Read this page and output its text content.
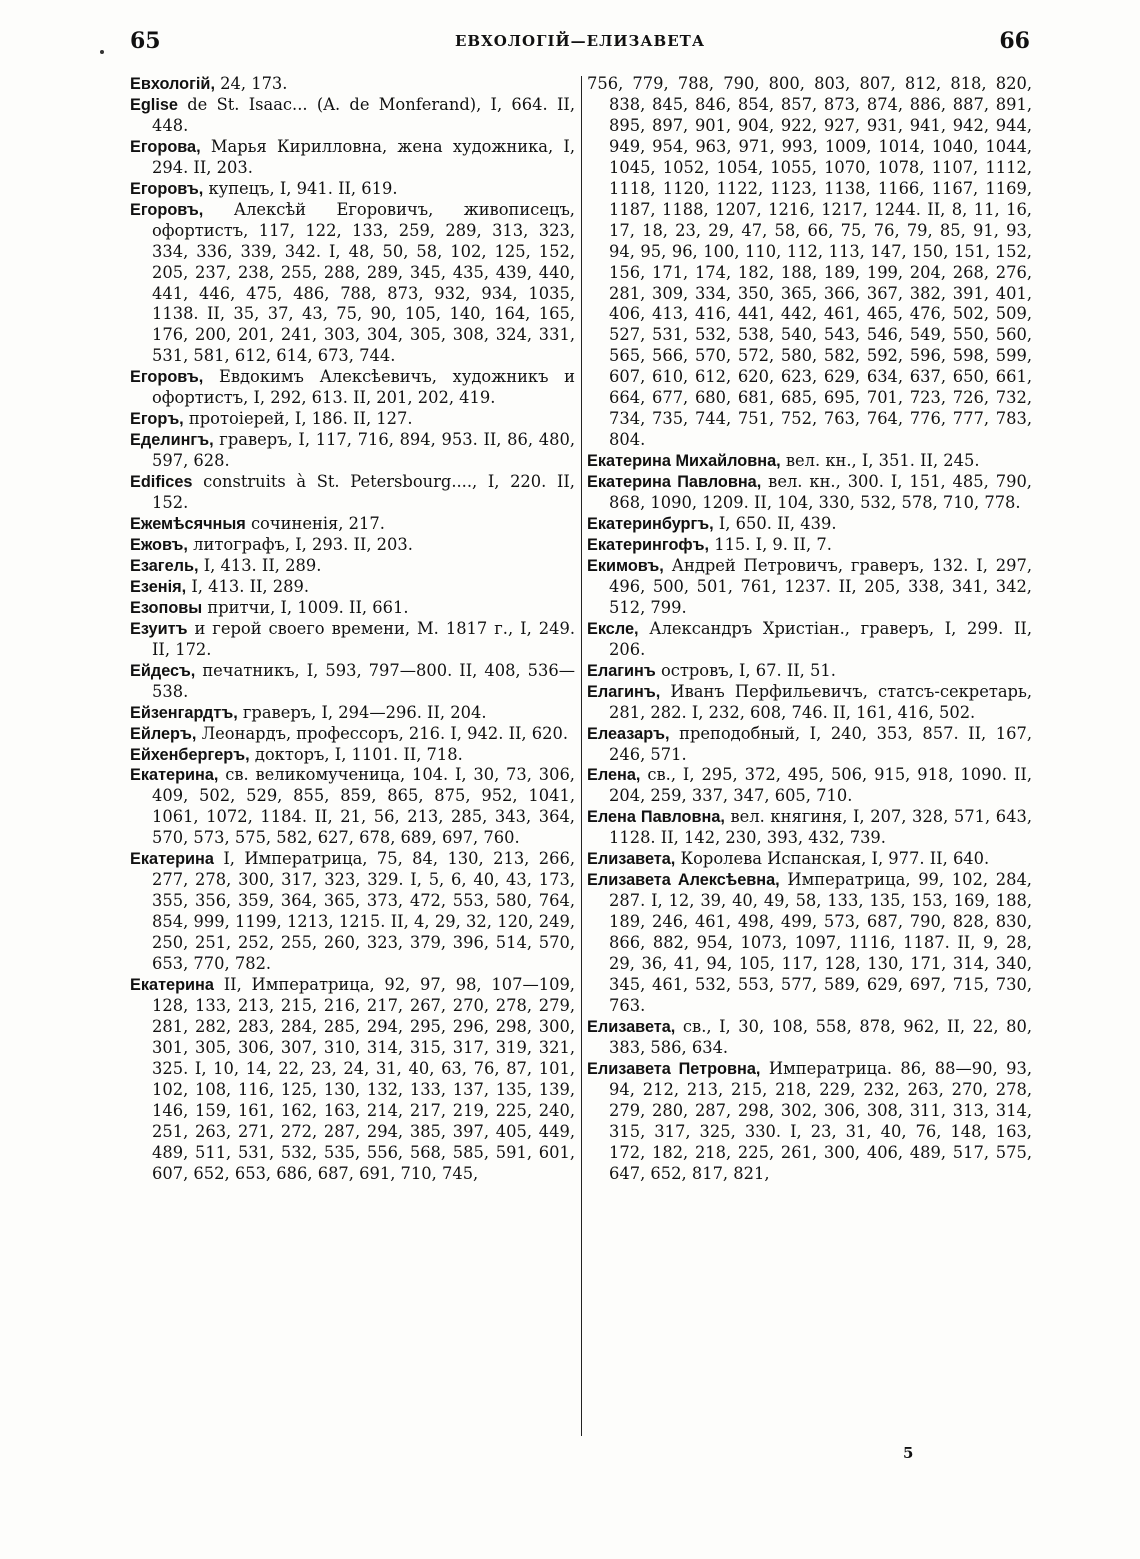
65	ЕВХОЛОГІЙ—ЕЛИЗАВЕТА	66

Евхологій, 24, 173.

Eglise de St. Isaac... (A. de Monferand), I, 664. II, 448.

Егорова, Марья Кирилловна, жена художника, I, 294. II, 203.

Егоровъ, купецъ, I, 941. II, 619.

Егоровъ, Алексѣй Егоровичъ, живописецъ, офортистъ, 117, 122, 133, 259, 289, 313, 323, 334, 336, 339, 342. I, 48, 50, 58, 102, 125, 152, 205, 237, 238, 255, 288, 289, 345, 435, 439, 440, 441, 446, 475, 486, 788, 873, 932, 934, 1035, 1138. II, 35, 37, 43, 75, 90, 105, 140, 164, 165, 176, 200, 201, 241, 303, 304, 305, 308, 324, 331, 531, 581, 612, 614, 673, 744.

Егоровъ, Евдокимъ Алексѣевичъ, художникъ и офортистъ, I, 292, 613. II, 201, 202, 419.

Егоръ, протоіерей, I, 186. II, 127.

Еделингъ, граверъ, I, 117, 716, 894, 953. II, 86, 480, 597, 628.

Edifices construits à St. Petersbourg...., I, 220. II, 152.

Ежемѣсячныя сочиненія, 217.

Ежовъ, литографъ, I, 293. II, 203.

Езагель, I, 413. II, 289.

Езенія, I, 413. II, 289.

Езоповы притчи, I, 1009. II, 661.

Езуитъ и герой своего времени, М. 1817 г., I, 249. II, 172.

Ейдесъ, печатникъ, I, 593, 797—800. II, 408, 536—538.

Ейзенгардтъ, граверъ, I, 294—296. II, 204.

Ейлеръ, Леонардъ, профессоръ, 216. I, 942. II, 620.

Ейхенбергеръ, докторъ, I, 1101. II, 718.

Екатерина, св. великомученица, 104. I, 30, 73, 306, 409, 502, 529, 855, 859, 865, 875, 952, 1041, 1061, 1072, 1184. II, 21, 56, 213, 285, 343, 364, 570, 573, 575, 582, 627, 678, 689, 697, 760.

Екатерина I, Императрица, 75, 84, 130, 213, 266, 277, 278, 300, 317, 323, 329. I, 5, 6, 40, 43, 173, 355, 356, 359, 364, 365, 373, 472, 553, 580, 764, 854, 999, 1199, 1213, 1215. II, 4, 29, 32, 120, 249, 250, 251, 252, 255, 260, 323, 379, 396, 514, 570, 653, 770, 782.

Екатерина II, Императрица, 92, 97, 98, 107—109, 128, 133, 213, 215, 216, 217, 267, 270, 278, 279, 281, 282, 283, 284, 285, 294, 295, 296, 298, 300, 301, 305, 306, 307, 310, 314, 315, 317, 319, 321, 325. I, 10, 14, 22, 23, 24, 31, 40, 63, 76, 87, 101, 102, 108, 116, 125, 130, 132, 133, 137, 135, 139, 146, 159, 161, 162, 163, 214, 217, 219, 225, 240, 251, 263, 271, 272, 287, 294, 385, 397, 405, 449, 489, 511, 531, 532, 535, 556, 568, 585, 591, 601, 607, 652, 653, 686, 687, 691, 710, 745,

756, 779, 788, 790, 800, 803, 807, 812, 818, 820, 838, 845, 846, 854, 857, 873, 874, 886, 887, 891, 895, 897, 901, 904, 922, 927, 931, 941, 942, 944, 949, 954, 963, 971, 993, 1009, 1014, 1040, 1044, 1045, 1052, 1054, 1055, 1070, 1078, 1107, 1112, 1118, 1120, 1122, 1123, 1138, 1166, 1167, 1169, 1187, 1188, 1207, 1216, 1217, 1244. II, 8, 11, 16, 17, 18, 23, 29, 47, 58, 66, 75, 76, 79, 85, 91, 93, 94, 95, 96, 100, 110, 112, 113, 147, 150, 151, 152, 156, 171, 174, 182, 188, 189, 199, 204, 268, 276, 281, 309, 334, 350, 365, 366, 367, 382, 391, 401, 406, 413, 416, 441, 442, 461, 465, 476, 502, 509, 527, 531, 532, 538, 540, 543, 546, 549, 550, 560, 565, 566, 570, 572, 580, 582, 592, 596, 598, 599, 607, 610, 612, 620, 623, 629, 634, 637, 650, 661, 664, 677, 680, 681, 685, 695, 701, 723, 726, 732, 734, 735, 744, 751, 752, 763, 764, 776, 777, 783, 804.

Екатерина Михайловна, вел. кн., I, 351. II, 245.

Екатерина Павловна, вел. кн., 300. I, 151, 485, 790, 868, 1090, 1209. II, 104, 330, 532, 578, 710, 778.

Екатеринбургъ, I, 650. II, 439.

Екатерингофъ, 115. I, 9. II, 7.

Екимовъ, Андрей Петровичъ, граверъ, 132. I, 297, 496, 500, 501, 761, 1237. II, 205, 338, 341, 342, 512, 799.

Ексле, Александръ Христіан., граверъ, I, 299. II, 206.

Елагинъ островъ, I, 67. II, 51.

Елагинъ, Иванъ Перфильевичъ, статсъ-секретарь, 281, 282. I, 232, 608, 746. II, 161, 416, 502.

Елеазаръ, преподобный, I, 240, 353, 857. II, 167, 246, 571.

Елена, св., I, 295, 372, 495, 506, 915, 918, 1090. II, 204, 259, 337, 347, 605, 710.

Елена Павловна, вел. княгиня, I, 207, 328, 571, 643, 1128. II, 142, 230, 393, 432, 739.

Елизавета, Королева Испанская, I, 977. II, 640.

Елизавета Алексѣевна, Императрица, 99, 102, 284, 287. I, 12, 39, 40, 49, 58, 133, 135, 153, 169, 188, 189, 246, 461, 498, 499, 573, 687, 790, 828, 830, 866, 882, 954, 1073, 1097, 1116, 1187. II, 9, 28, 29, 36, 41, 94, 105, 117, 128, 130, 171, 314, 340, 345, 461, 532, 553, 577, 589, 629, 697, 715, 730, 763.

Елизавета, св., I, 30, 108, 558, 878, 962, II, 22, 80, 383, 586, 634.

Елизавета Петровна, Императрица. 86, 88—90, 93, 94, 212, 213, 215, 218, 229, 232, 263, 270, 278, 279, 280, 287, 298, 302, 306, 308, 311, 313, 314, 315, 317, 325, 330. I, 23, 31, 40, 76, 148, 163, 172, 182, 218, 225, 261, 300, 406, 489, 517, 575, 647, 652, 817, 821,

5
